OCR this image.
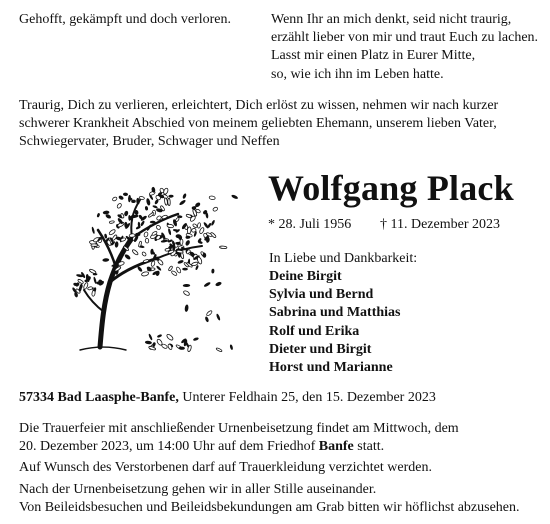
Gehofft, gekämpft und doch verloren.	Wenn Ihr an mich denkt, seid nicht traurig,
erzählt lieber von mir und traut Euch zu lachen.
Lasst mir einen Platz in Eurer Mitte,
so, wie ich ihn im Leben hatte.
Traurig, Dich zu verlieren, erleichtert, Dich erlöst zu wissen, nehmen wir nach kurzer
schwerer Krankheit Abschied von meinem geliebten Ehemann, unserem lieben Vater,
Schwiegervater, Bruder, Schwager und Neffen
Wolfgang Plack
* 28. Juli 1956 † 11. Dezember 2023
In Liebe und Dankbarkeit:
Deine Birgit
Sylvia und Bernd
Sabrina und Matthias
Rolf und Erika
Dieter und Birgit
Horst und Marianne
57334 Bad Laasphe-Banfe, Unterer Feldhain 25, den 15. Dezember 2023
Die Trauerfeier mit anschließender Urnenbeisetzung findet am Mittwoch, dem
20. Dezember 2023, um 14:00 Uhr auf dem Friedhof Banfe statt.
Auf Wunsch des Verstorbenen darf auf Trauerkleidung verzichtet werden.
Nach der Urnenbeisetzung gehen wir in aller Stille auseinander.
Von Beileidsbesuchen und Beileidsbekundungen am Grab bitten wir höflichst abzusehen.
